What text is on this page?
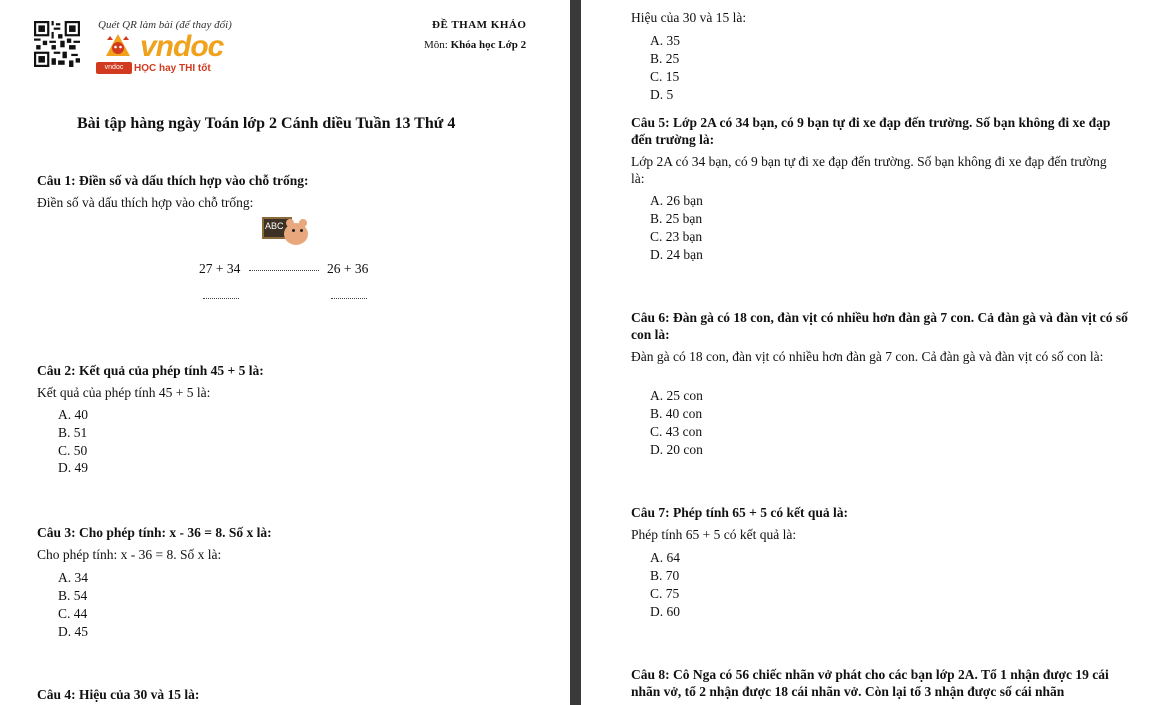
Quét QR làm bài (để thay đổi)
vndoc
vndoc	HỌC hay THI tốt
ĐỀ THAM KHẢO
Môn: Khóa học Lớp 2
Bài tập hàng ngày Toán lớp 2 Cánh diều Tuần 13 Thứ 4
Câu 1: Điền số và dấu thích hợp vào chỗ trống:
Điền số và dấu thích hợp vào chỗ trống:
ABC
27 + 34	26 + 36
Câu 2: Kết quả của phép tính 45 + 5 là:
Kết quả của phép tính 45 + 5 là:
A. 40
B. 51
C. 50
D. 49
Câu 3: Cho phép tính: x - 36 = 8. Số x là:
Cho phép tính: x - 36 = 8. Số x là:
A. 34
B. 54
C. 44
D. 45
Câu 4: Hiệu của 30 và 15 là:
Hiệu của 30 và 15 là:
A. 35
B. 25
C. 15
D. 5
Câu 5: Lớp 2A có 34 bạn, có 9 bạn tự đi xe đạp đến trường. Số bạn không đi xe đạp đến trường là:
Lớp 2A có 34 bạn, có 9 bạn tự đi xe đạp đến trường. Số bạn không đi xe đạp đến trường là:
A. 26 bạn
B. 25 bạn
C. 23 bạn
D. 24 bạn
Câu 6: Đàn gà có 18 con, đàn vịt có nhiều hơn đàn gà 7 con. Cả đàn gà và đàn vịt có số con là:
Đàn gà có 18 con, đàn vịt có nhiều hơn đàn gà 7 con. Cả đàn gà và đàn vịt có số con là:
A. 25 con
B. 40 con
C. 43 con
D. 20 con
Câu 7: Phép tính 65 + 5 có kết quả là:
Phép tính 65 + 5 có kết quả là:
A. 64
B. 70
C. 75
D. 60
Câu 8: Cô Nga có 56 chiếc nhãn vở phát cho các bạn lớp 2A. Tổ 1 nhận được 19 cái nhãn vở, tổ 2 nhận được 18 cái nhãn vở. Còn lại tổ 3 nhận được số cái nhãn
